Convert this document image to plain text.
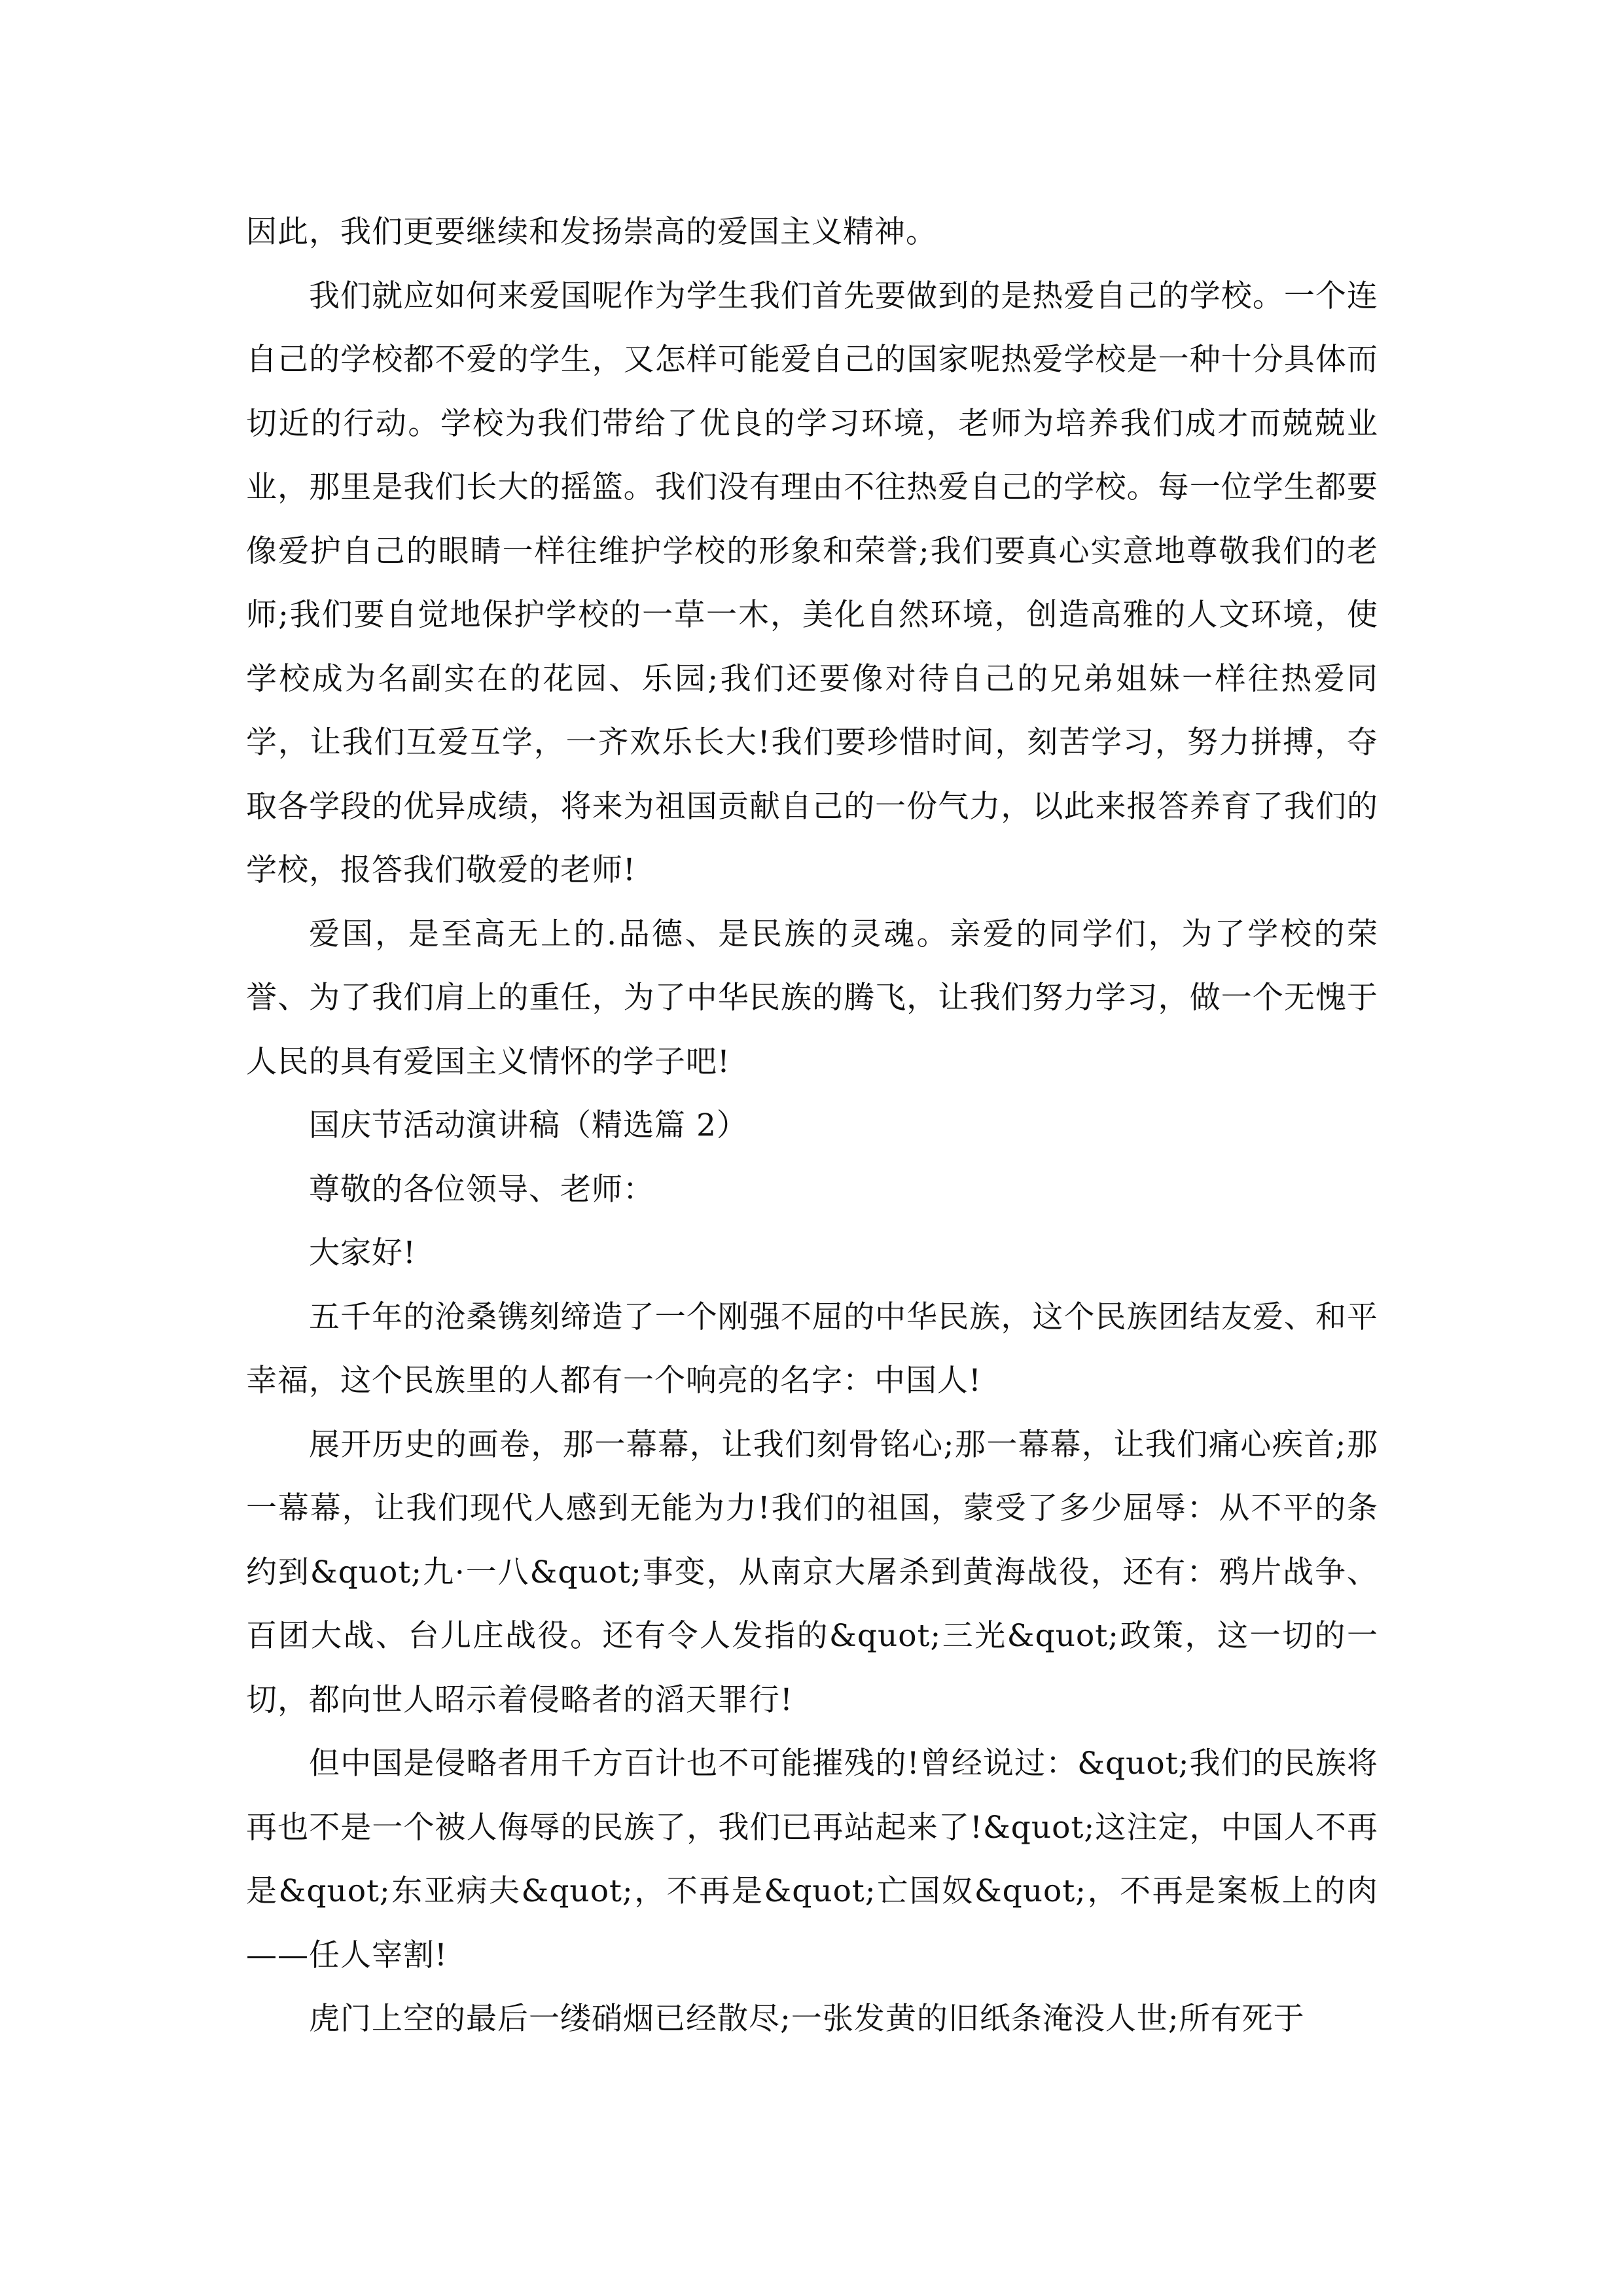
因此，我们更要继续和发扬崇高的爱国主义精神。

我们就应如何来爱国呢作为学生我们首先要做到的是热爱自己的学校。一个连自己的学校都不爱的学生，又怎样可能爱自己的国家呢热爱学校是一种十分具体而切近的行动。学校为我们带给了优良的学习环境，老师为培养我们成才而兢兢业业，那里是我们长大的摇篮。我们没有理由不往热爱自己的学校。每一位学生都要像爱护自己的眼睛一样往维护学校的形象和荣誉;我们要真心实意地尊敬我们的老师;我们要自觉地保护学校的一草一木，美化自然环境，创造高雅的人文环境，使学校成为名副实在的花园、乐园;我们还要像对待自己的兄弟姐妹一样往热爱同学，让我们互爱互学，一齐欢乐长大!我们要珍惜时间，刻苦学习，努力拼搏，夺取各学段的优异成绩，将来为祖国贡献自己的一份气力，以此来报答养育了我们的学校，报答我们敬爱的老师!

爱国，是至高无上的.品德、是民族的灵魂。亲爱的同学们，为了学校的荣誉、为了我们肩上的重任，为了中华民族的腾飞，让我们努力学习，做一个无愧于人民的具有爱国主义情怀的学子吧!

国庆节活动演讲稿（精选篇 2）

尊敬的各位领导、老师：

大家好!

五千年的沧桑镌刻缔造了一个刚强不屈的中华民族，这个民族团结友爱、和平幸福，这个民族里的人都有一个响亮的名字：中国人!

展开历史的画卷，那一幕幕，让我们刻骨铭心;那一幕幕，让我们痛心疾首;那一幕幕，让我们现代人感到无能为力!我们的祖国，蒙受了多少屈辱：从不平的条约到&quot;九·一八&quot;事变，从南京大屠杀到黄海战役，还有：鸦片战争、百团大战、台儿庄战役。还有令人发指的&quot;三光&quot;政策，这一切的一切，都向世人昭示着侵略者的滔天罪行!

但中国是侵略者用千方百计也不可能摧残的!曾经说过：&quot;我们的民族将再也不是一个被人侮辱的民族了，我们已再站起来了!&quot;这注定，中国人不再是&quot;东亚病夫&quot;，不再是&quot;亡国奴&quot;，不再是案板上的肉——任人宰割!

虎门上空的最后一缕硝烟已经散尽;一张发黄的旧纸条淹没人世;所有死于
